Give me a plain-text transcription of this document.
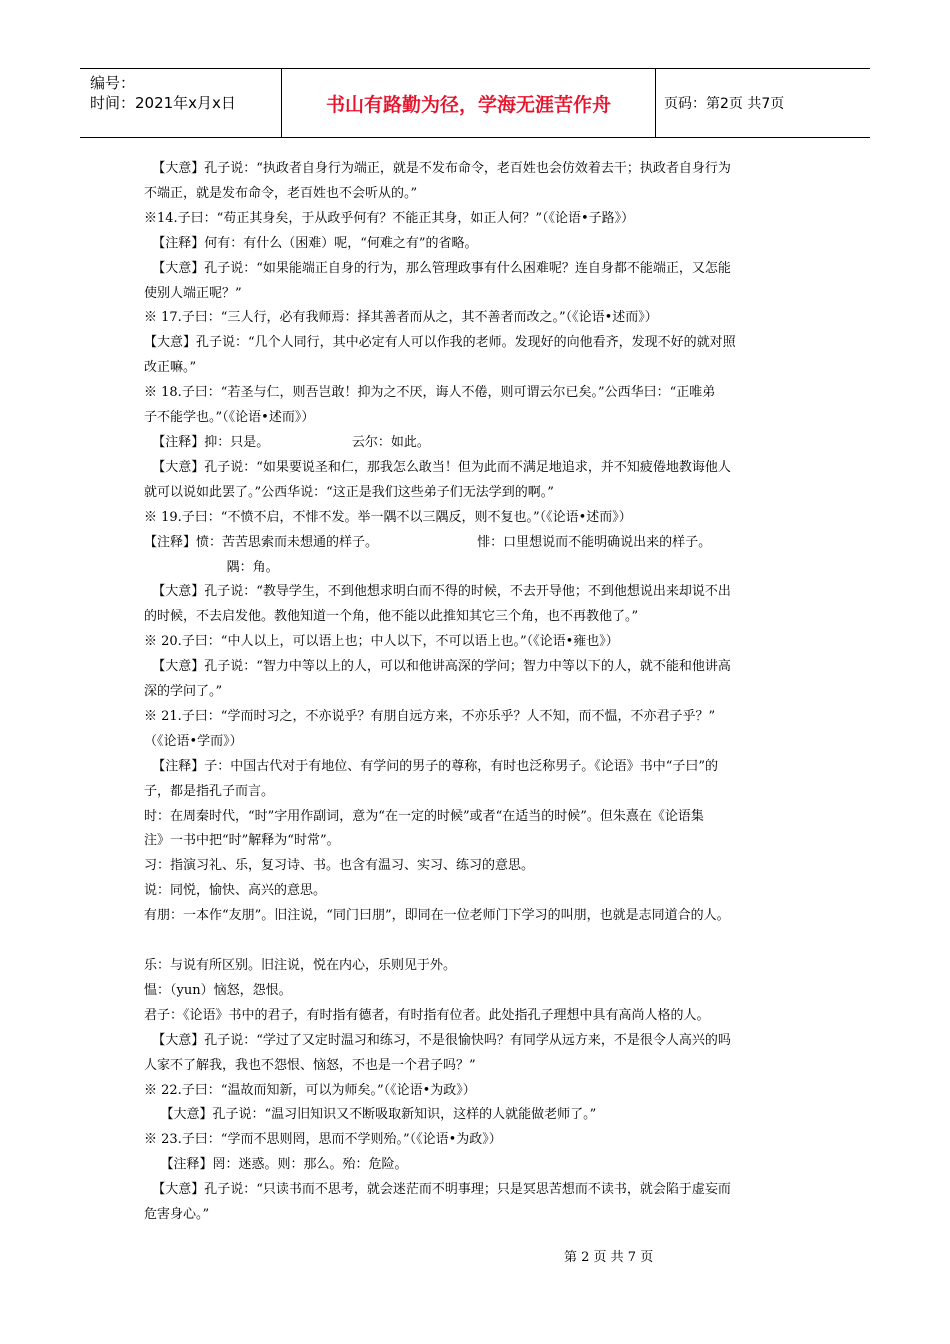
编号：
时间：2021年x月x日	书山有路勤为径，学海无涯苦作舟	页码：第2页 共7页

【大意】孔子说：“执政者自身行为端正，就是不发布命令，老百姓也会仿效着去干；执政者自身行为

不端正，就是发布命令，老百姓也不会听从的。”

※14.子曰：“苟正其身矣，于从政乎何有？不能正其身，如正人何？”（《论语•子路》）

【注释】何有：有什么（困难）呢，“何难之有”的省略。

【大意】孔子说：“如果能端正自身的行为，那么管理政事有什么困难呢？连自身都不能端正，又怎能

使别人端正呢？”

※ 17.子曰：“三人行，必有我师焉：择其善者而从之，其不善者而改之。”（《论语•述而》）

【大意】孔子说：“几个人同行，其中必定有人可以作我的老师。发现好的向他看齐，发现不好的就对照

改正嘛。”

※ 18.子曰：“若圣与仁，则吾岂敢！抑为之不厌，诲人不倦，则可谓云尔已矣。”公西华曰：“正唯弟

子不能学也。”（《论语•述而》）

【注释】抑：只是。                    云尔：如此。

【大意】孔子说：“如果要说圣和仁，那我怎么敢当！但为此而不满足地追求，并不知疲倦地教诲他人

就可以说如此罢了。”公西华说：“这正是我们这些弟子们无法学到的啊。”

※ 19.子曰：“不愤不启，不悱不发。举一隅不以三隅反，则不复也。”（《论语•述而》）

【注释】愤：苦苦思索而未想通的样子。                        悱：口里想说而不能明确说出来的样子。

隅：角。

【大意】孔子说：“教导学生，不到他想求明白而不得的时候，不去开导他；不到他想说出来却说不出

的时候，不去启发他。教他知道一个角，他不能以此推知其它三个角，也不再教他了。”

※ 20.子曰：“中人以上，可以语上也；中人以下，不可以语上也。”（《论语•雍也》）

【大意】孔子说：“智力中等以上的人，可以和他讲高深的学问；智力中等以下的人，就不能和他讲高

深的学问了。”

※ 21.子曰：“学而时习之，不亦说乎？有朋自远方来，不亦乐乎？人不知，而不愠，不亦君子乎？”

（《论语•学而》）

【注释】子：中国古代对于有地位、有学问的男子的尊称，有时也泛称男子。《论语》书中“子曰”的

子，都是指孔子而言。

时：在周秦时代，“时”字用作副词，意为“在一定的时候”或者“在适当的时候”。但朱熹在《论语集

注》一书中把“时”解释为“时常”。

习：指演习礼、乐，复习诗、书。也含有温习、实习、练习的意思。

说：同悦，愉快、高兴的意思。

有朋：一本作“友朋”。旧注说，“同门曰朋”，即同在一位老师门下学习的叫朋，也就是志同道合的人。

乐：与说有所区别。旧注说，悦在内心，乐则见于外。

愠：（yun）恼怒，怨恨。

君子：《论语》书中的君子，有时指有德者，有时指有位者。此处指孔子理想中具有高尚人格的人。

【大意】孔子说：“学过了又定时温习和练习，不是很愉快吗？有同学从远方来，不是很令人高兴的吗

人家不了解我，我也不怨恨、恼怒，不也是一个君子吗？”

※ 22.子曰：“温故而知新，可以为师矣。”（《论语•为政》）

【大意】孔子说：“温习旧知识又不断吸取新知识，这样的人就能做老师了。”

※ 23.子曰：“学而不思则罔，思而不学则殆。”（《论语•为政》）

【注释】罔：迷惑。则：那么。殆：危险。

【大意】孔子说：“只读书而不思考，就会迷茫而不明事理；只是冥思苦想而不读书，就会陷于虚妄而

危害身心。”

第 2 页 共 7 页
